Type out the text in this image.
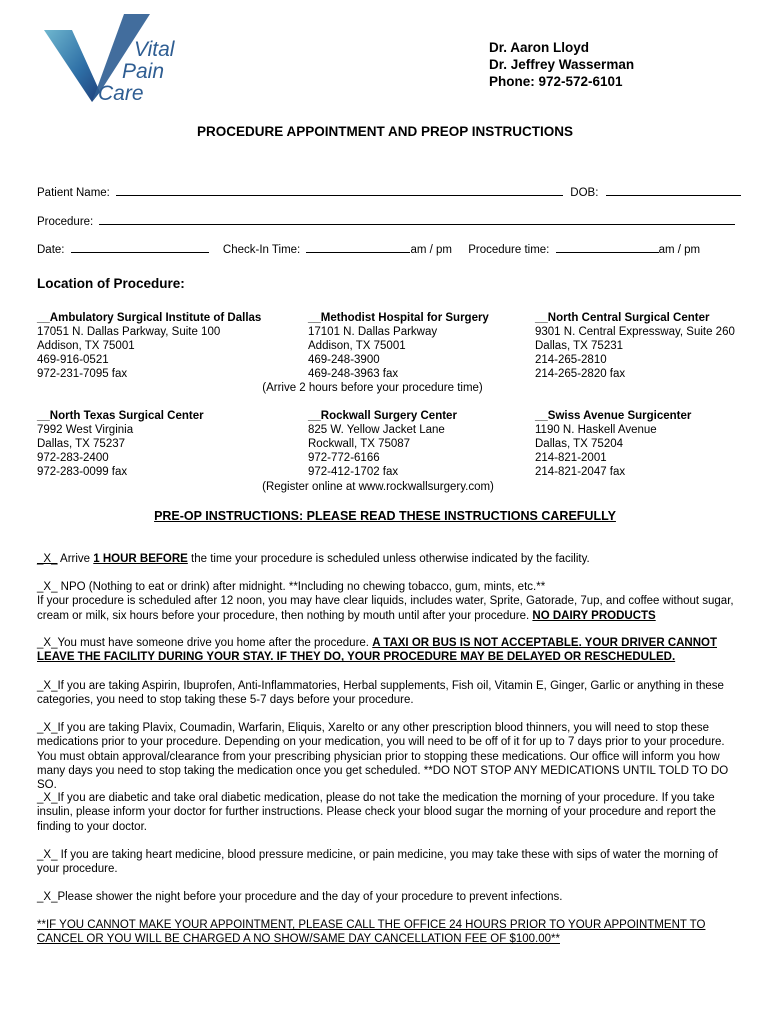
Vital
Pain
Care
Dr. Aaron Lloyd
Dr. Jeffrey Wasserman
Phone: 972-572-6101
PROCEDURE APPOINTMENT AND PREOP INSTRUCTIONS
Patient Name:	DOB:
Procedure:
Date:	Check-In Time:	am / pm Procedure time:	am / pm
Location of Procedure:
__Ambulatory Surgical Institute of Dallas
17051 N. Dallas Parkway, Suite 100
Addison, TX 75001
469-916-0521
972-231-7095 fax
__Methodist Hospital for Surgery
17101 N. Dallas Parkway
Addison, TX 75001
469-248-3900
469-248-3963 fax
__North Central Surgical Center
9301 N. Central Expressway, Suite 260
Dallas, TX 75231
214-265-2810
214-265-2820 fax
(Arrive 2 hours before your procedure time)
__North Texas Surgical Center
7992 West Virginia
Dallas, TX 75237
972-283-2400
972-283-0099 fax
__Rockwall Surgery Center
825 W. Yellow Jacket Lane
Rockwall, TX 75087
972-772-6166
972-412-1702 fax
__Swiss Avenue Surgicenter
1190 N. Haskell Avenue
Dallas, TX 75204
214-821-2001
214-821-2047 fax
(Register online at www.rockwallsurgery.com)
PRE-OP INSTRUCTIONS: PLEASE READ THESE INSTRUCTIONS CAREFULLY

_X_ Arrive 1 HOUR BEFORE the time your procedure is scheduled unless otherwise indicated by the facility.

_X_ NPO (Nothing to eat or drink) after midnight. **Including no chewing tobacco, gum, mints, etc.**

If your procedure is scheduled after 12 noon, you may have clear liquids, includes water, Sprite, Gatorade, 7up, and coffee without sugar, cream or milk, six hours before your procedure, then nothing by mouth until after your procedure. NO DAIRY PRODUCTS

_X_You must have someone drive you home after the procedure. A TAXI OR BUS IS NOT ACCEPTABLE. YOUR DRIVER CANNOT LEAVE THE FACILITY DURING YOUR STAY. IF THEY DO, YOUR PROCEDURE MAY BE DELAYED OR RESCHEDULED.

_X_If you are taking Aspirin, Ibuprofen, Anti-Inflammatories, Herbal supplements, Fish oil, Vitamin E, Ginger, Garlic or anything in these categories, you need to stop taking these 5-7 days before your procedure.

_X_If you are taking Plavix, Coumadin, Warfarin, Eliquis, Xarelto or any other prescription blood thinners, you will need to stop these medications prior to your procedure. Depending on your medication, you will need to be off of it for up to 7 days prior to your procedure. You must obtain approval/clearance from your prescribing physician prior to stopping these medications. Our office will inform you how many days you need to stop taking the medication once you get scheduled. **DO NOT STOP ANY MEDICATIONS UNTIL TOLD TO DO SO.

_X_If you are diabetic and take oral diabetic medication, please do not take the medication the morning of your procedure. If you take insulin, please inform your doctor for further instructions. Please check your blood sugar the morning of your procedure and report the finding to your doctor.

_X_ If you are taking heart medicine, blood pressure medicine, or pain medicine, you may take these with sips of water the morning of your procedure.

_X_Please shower the night before your procedure and the day of your procedure to prevent infections.

**IF YOU CANNOT MAKE YOUR APPOINTMENT, PLEASE CALL THE OFFICE 24 HOURS PRIOR TO YOUR APPOINTMENT TO CANCEL OR YOU WILL BE CHARGED A NO SHOW/SAME DAY CANCELLATION FEE OF $100.00**
